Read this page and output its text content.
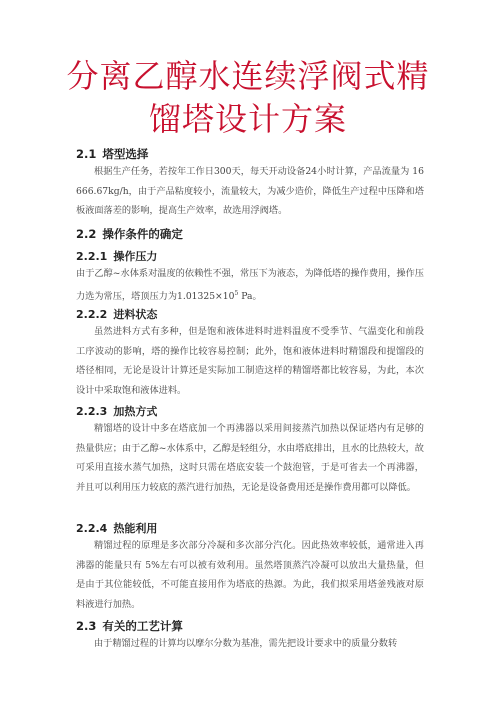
分离乙醇水连续浮阀式精
馏塔设计方案
2.1 塔型选择
根据生产任务，若按年工作日300天，每天开动设备24小时计算，产品流量为 16666.67kg/h，由于产品粘度较小，流量较大，为减少造价，降低生产过程中压降和塔板液面落差的影响，提高生产效率，故选用浮阀塔。
2.2 操作条件的确定
2.2.1 操作压力
由于乙醇~水体系对温度的依赖性不强，常压下为液态，为降低塔的操作费用，操作压力选为常压，塔顶压力为$1.01325\times 10^5$ Pa。
2.2.2 进料状态
虽然进料方式有多种，但是饱和液体进料时进料温度不受季节、气温变化和前段工序波动的影响，塔的操作比较容易控制；此外，饱和液体进料时精馏段和提馏段的塔径相同，无论是设计计算还是实际加工制造这样的精馏塔都比较容易，为此，本次设计中采取饱和液体进料。
2.2.3 加热方式
精馏塔的设计中多在塔底加一个再沸器以采用间接蒸汽加热以保证塔内有足够的热量供应；由于乙醇~水体系中，乙醇是轻组分，水由塔底排出，且水的比热较大，故可采用直接水蒸气加热，这时只需在塔底安装一个鼓泡管，于是可省去一个再沸器，并且可以利用压力较底的蒸汽进行加热，无论是设备费用还是操作费用都可以降低。
2.2.4 热能利用
精馏过程的原理是多次部分冷凝和多次部分汽化。因此热效率较低，通常进入再沸器的能量只有 5%左右可以被有效利用。虽然塔顶蒸汽冷凝可以放出大量热量，但是由于其位能较低，不可能直接用作为塔底的热源。为此，我们拟采用塔釜残液对原料液进行加热。
2.3 有关的工艺计算
由于精馏过程的计算均以摩尔分数为基准，需先把设计要求中的质量分数转
